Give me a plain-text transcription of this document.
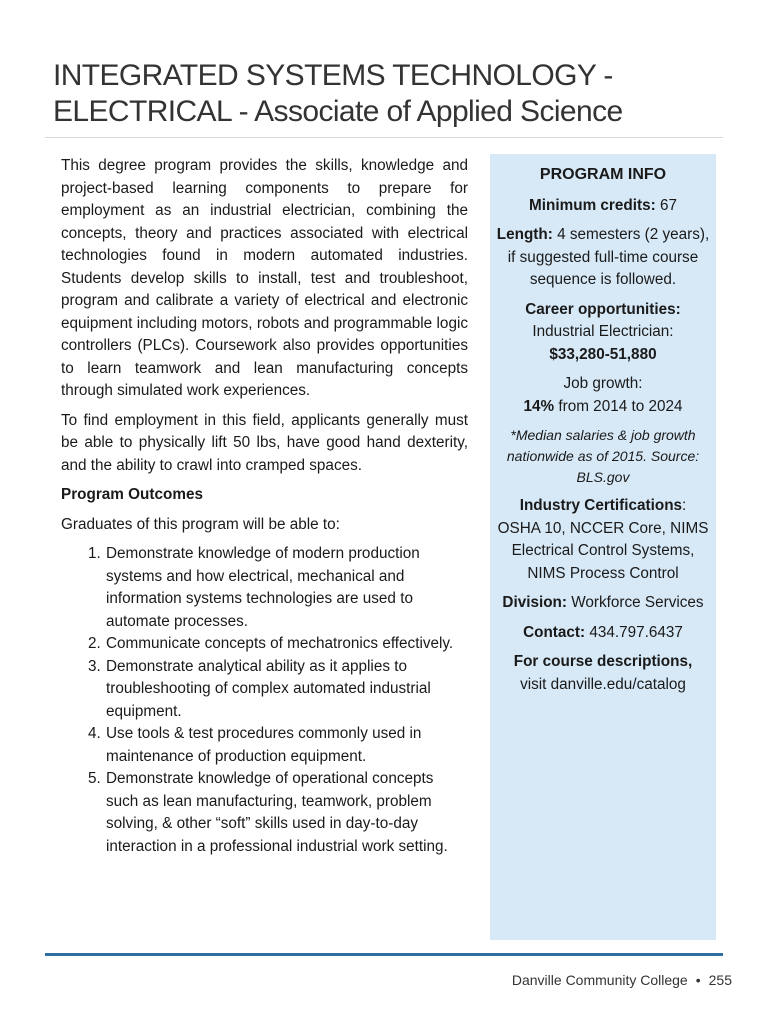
INTEGRATED SYSTEMS TECHNOLOGY -
ELECTRICAL - Associate of Applied Science

This degree program provides the skills, knowledge and project-based learning components to prepare for employment as an industrial electrician, combining the concepts, theory and practices associated with electrical technologies found in modern automated industries. Students develop skills to install, test and troubleshoot, program and calibrate a variety of electrical and electronic equipment including motors, robots and programmable logic controllers (PLCs). Coursework also provides opportunities to learn teamwork and lean manufacturing concepts through simulated work experiences.

To find employment in this field, applicants generally must be able to physically lift 50 lbs, have good hand dexterity, and the ability to crawl into cramped spaces.

Program Outcomes

Graduates of this program will be able to:

1. Demonstrate knowledge of modern production systems and how electrical, mechanical and information systems technologies are used to automate processes.
2. Communicate concepts of mechatronics effectively.
3. Demonstrate analytical ability as it applies to troubleshooting of complex automated industrial equipment.
4. Use tools & test procedures commonly used in maintenance of production equipment.
5. Demonstrate knowledge of operational concepts such as lean manufacturing, teamwork, problem solving, & other “soft” skills used in day-to-day interaction in a professional industrial work setting.
PROGRAM INFO
Minimum credits: 67
Length: 4 semesters (2 years), if suggested full-time course sequence is followed.
Career opportunities:
Industrial Electrician:
$33,280-51,880
Job growth:
14% from 2014 to 2024
*Median salaries & job growth nationwide as of 2015. Source: BLS.gov
Industry Certifications:
OSHA 10, NCCER Core, NIMS Electrical Control Systems, NIMS Process Control
Division: Workforce Services
Contact: 434.797.6437
For course descriptions,
visit danville.edu/catalog
Danville Community College • 255
